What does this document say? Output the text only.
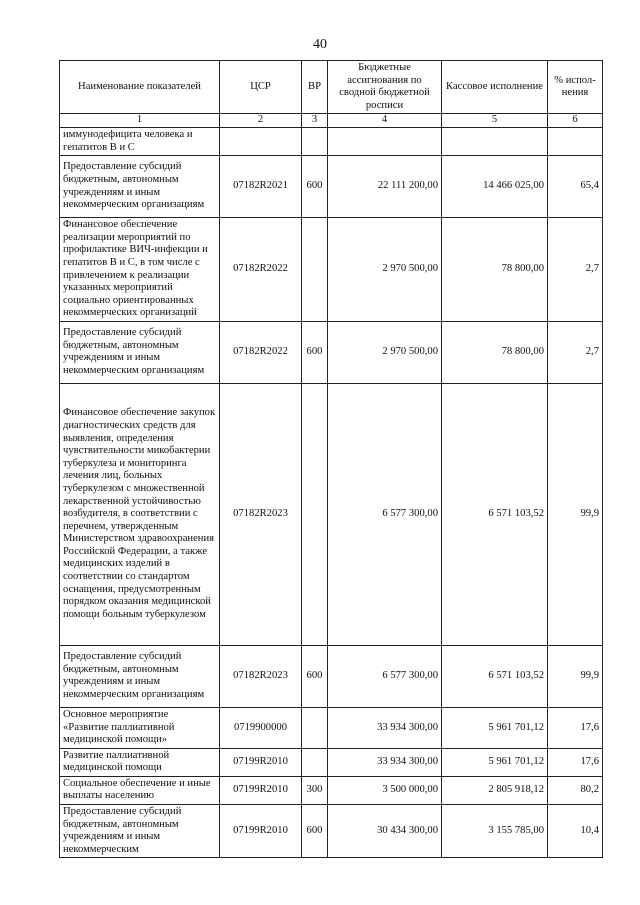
40
Наименование показателей	ЦСР	ВР	Бюджетные ассигнования по сводной бюджетной росписи	Кассовое исполнение	% испол-нения
1	2	3	4	5	6
иммунодефицита человека и гепатитов В и С					
Предоставление субсидий бюджетным, автономным учреждениям и иным некоммерческим организациям	07182R2021	600	22 111 200,00	14 466 025,00	65,4
Финансовое обеспечение реализации мероприятий по профилактике ВИЧ-инфекции и гепатитов В и С, в том числе с привлечением к реализации указанных мероприятий социально ориентированных некоммерческих организаций	07182R2022		2 970 500,00	78 800,00	2,7
Предоставление субсидий бюджетным, автономным учреждениям и иным некоммерческим организациям	07182R2022	600	2 970 500,00	78 800,00	2,7
Финансовое обеспечение закупок диагностических средств для выявления, определения чувствительности микобактерии туберкулеза и мониторинга лечения лиц, больных туберкулезом с множественной лекарственной устойчивостью возбудителя, в соответствии с перечнем, утвержденным Министерством здравоохранения Российской Федерации, а также медицинских изделий в соответствии со стандартом оснащения, предусмотренным порядком оказания медицинской помощи больным туберкулезом	07182R2023		6 577 300,00	6 571 103,52	99,9
Предоставление субсидий бюджетным, автономным учреждениям и иным некоммерческим организациям	07182R2023	600	6 577 300,00	6 571 103,52	99,9
Основное мероприятие «Развитие паллиативной медицинской помощи»	0719900000		33 934 300,00	5 961 701,12	17,6
Развитие паллиативной медицинской помощи	07199R2010		33 934 300,00	5 961 701,12	17,6
Социальное обеспечение и иные выплаты населению	07199R2010	300	3 500 000,00	2 805 918,12	80,2
Предоставление субсидий бюджетным, автономным учреждениям и иным некоммерческим	07199R2010	600	30 434 300,00	3 155 785,00	10,4
